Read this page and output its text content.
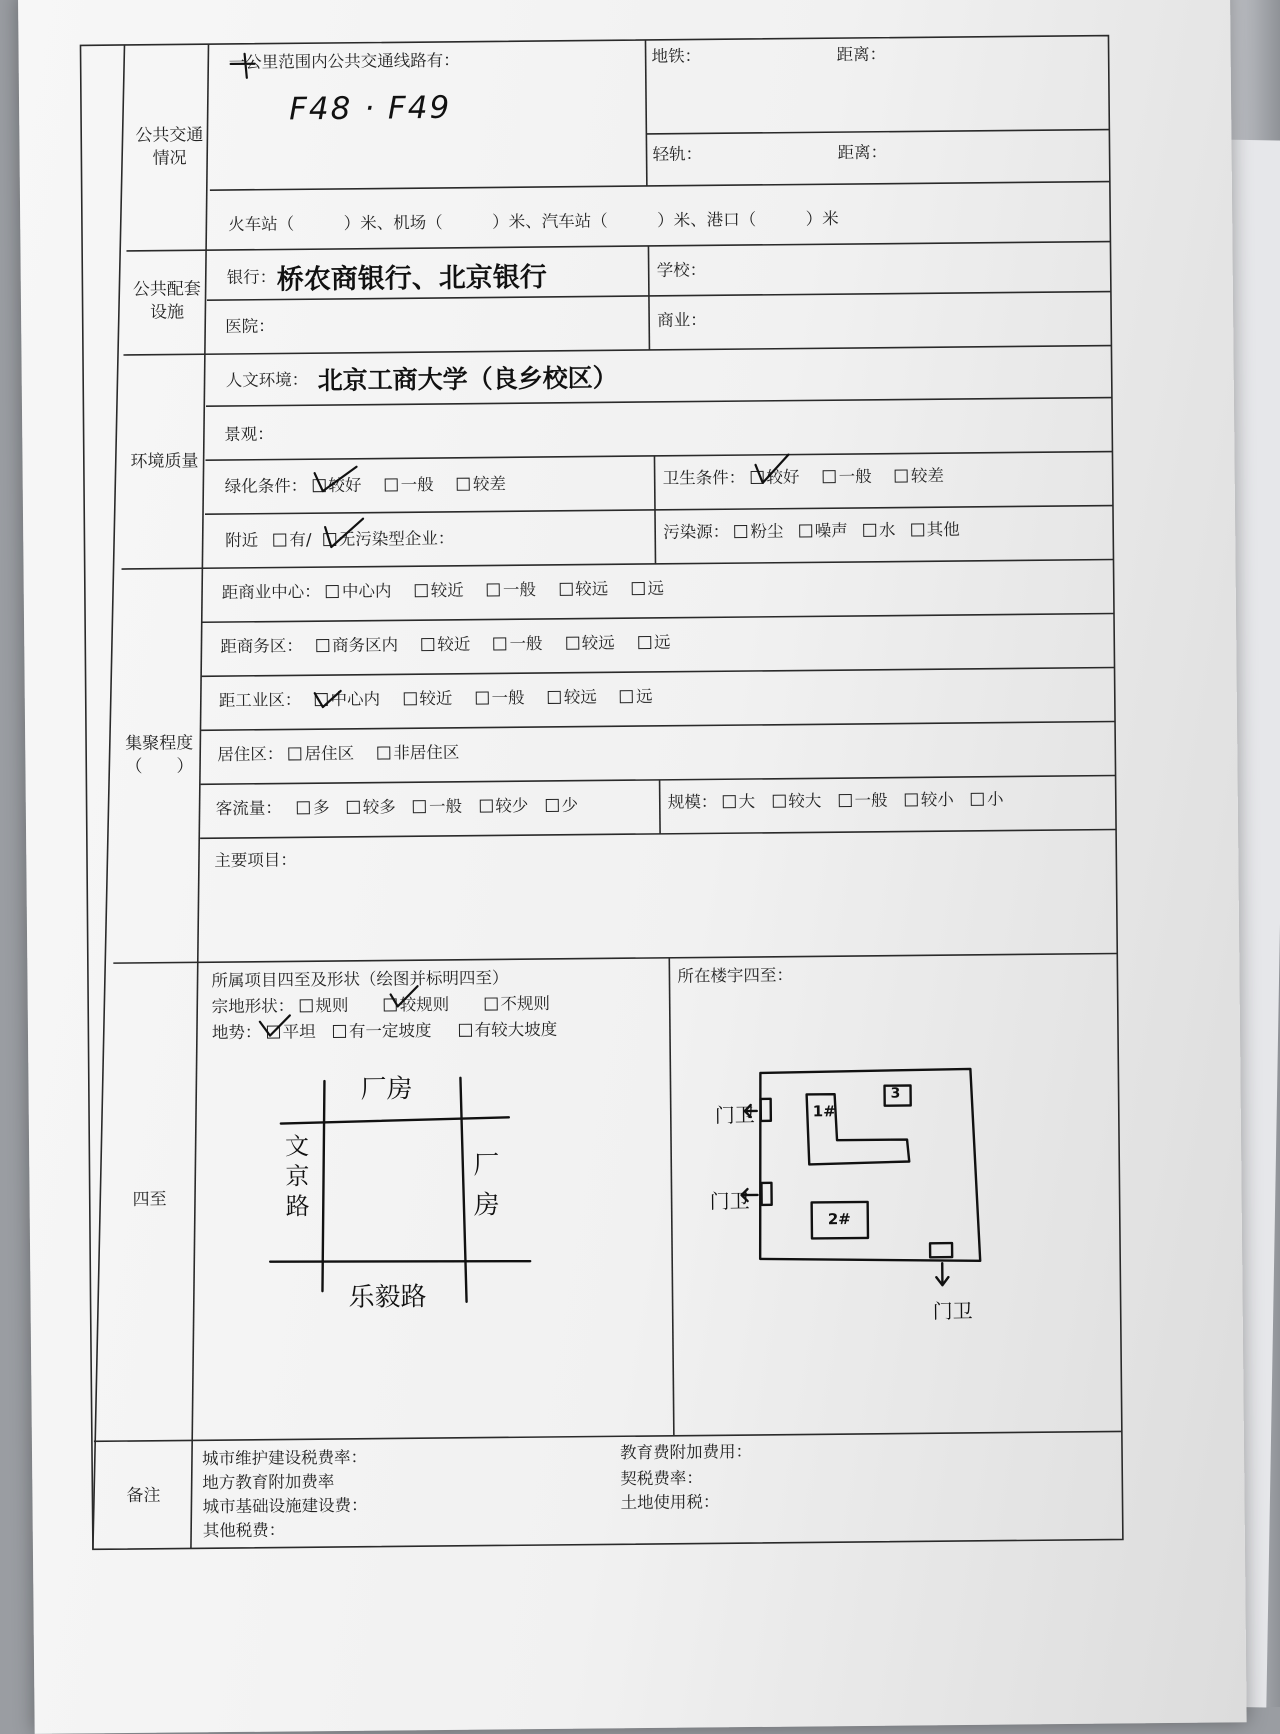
公共交通
情况
一公里范围内公共交通线路有：
F48 · F49
地铁：	距离：
轻轨：	距离：
火车站（　　　）米、机场（　　　）米、汽车站（　　　）米、港口（　　　）米
公共配套
设施
银行： 桥农商银行、北京银行	学校：
医院：	商业：
环境质量
人文环境： 北京工商大学（良乡校区）
景观：
绿化条件： 较好 一般 较差	卫生条件： 较好 一般 较差
附近 有/ 无污染型企业：	污染源： 粉尘 噪声 水 其他
集聚程度
（　　）
距商业中心： 中心内 较近 一般 较远 远
距商务区： 商务区内 较近 一般 较远 远
距工业区： 中心内 较近 一般 较远 远
居住区： 居住区 非居住区
客流量： 多 较多 一般 较少 少	规模： 大 较大 一般 较小 小
主要项目：
四至
所属项目四至及形状（绘图并标明四至）
宗地形状： 规则	较规则	不规则
地势： 平坦 有一定坡度	有较大坡度
所在楼宇四至：
厂房
文京路
厂房
乐毅路
门卫
门卫
门卫
1#
2#
3
备注
城市维护建设税费率：
地方教育附加费率
城市基础设施建设费：
其他税费：
教育费附加费用：
契税费率：
土地使用税：
